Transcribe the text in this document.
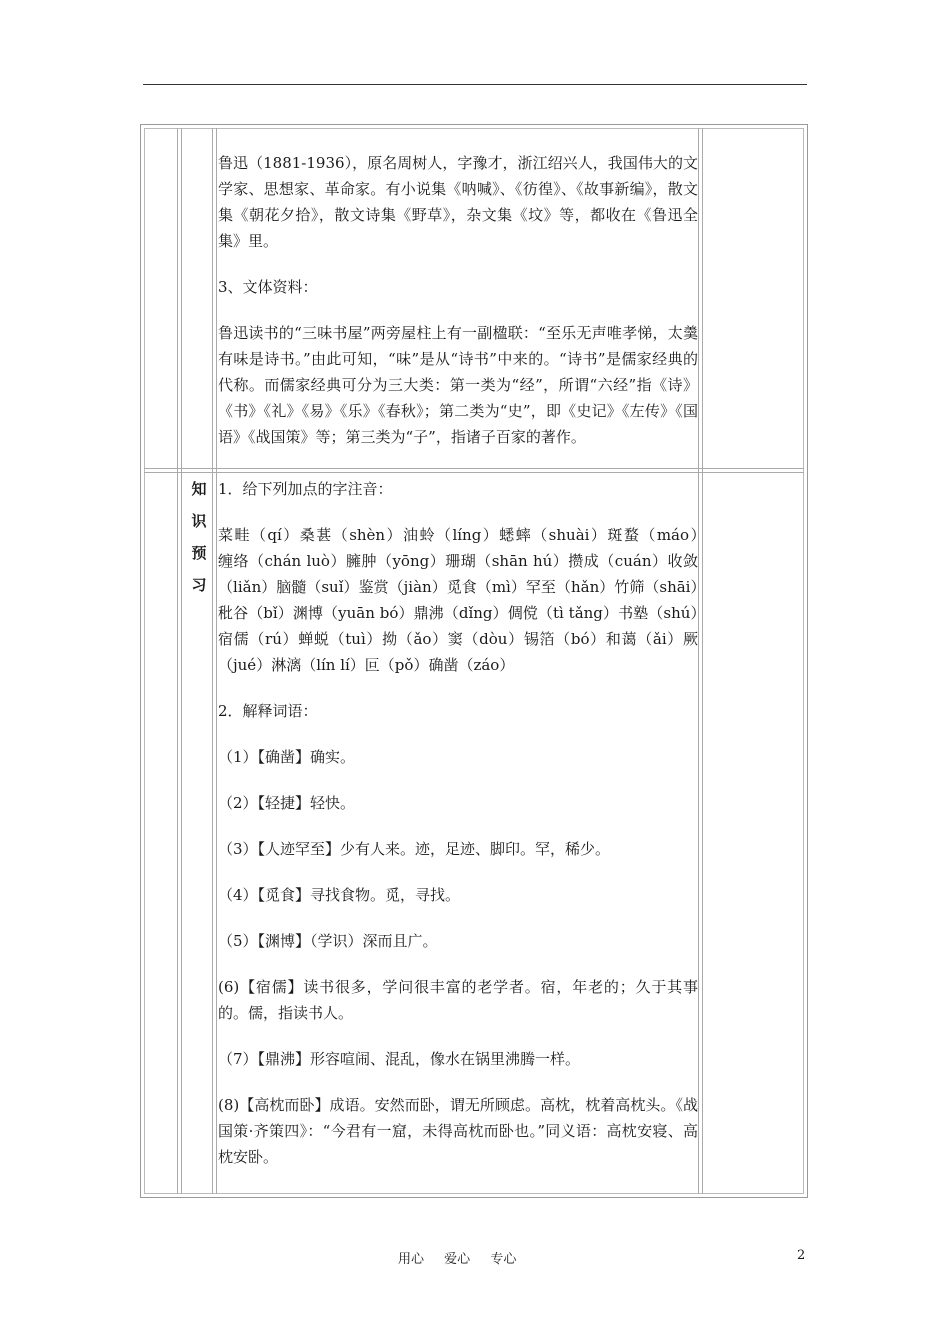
鲁迅（1881-1936），原名周树人，字豫才，浙江绍兴人，我国伟大的文学家、思想家、革命家。有小说集《呐喊》、《彷徨》、《故事新编》，散文集《朝花夕拾》，散文诗集《野草》，杂文集《坟》等，都收在《鲁迅全集》里。

3、文体资料：

鲁迅读书的“三味书屋”两旁屋柱上有一副楹联：“至乐无声唯孝悌，太羹有味是诗书。”由此可知，“味”是从“诗书”中来的。“诗书”是儒家经典的代称。而儒家经典可分为三大类：第一类为“经”，所谓“六经”指《诗》《书》《礼》《易》《乐》《春秋》；第二类为“史”，即《史记》《左传》《国语》《战国策》等；第三类为“子”，指诸子百家的著作。

知
识
预
习

1．给下列加点的字注音：

菜畦（qí）桑葚（shèn）油蛉（líng）蟋蟀（shuài）斑蝥（máo）　　　缠络（chán luò）臃肿（yōng）珊瑚（shān hú）攒成（cuán）收敛（liǎn）脑髓（suǐ）鉴赏（jiàn）觅食（mì）罕至（hǎn）竹筛（shāi）秕谷（bǐ）渊博（yuān bó）鼎沸（dǐng）倜傥（tì tǎng）书塾（shú）宿儒（rú）蝉蜕（tuì）拗（ǎo）窦（dòu）锡箔（bó）和蔼（ǎi）厥（jué）淋漓（lín lí）叵（pǒ）确凿（záo）

2．解释词语：

（1）【确凿】确实。

（2）【轻捷】轻快。

（3）【人迹罕至】少有人来。迹，足迹、脚印。罕，稀少。

（4）【觅食】寻找食物。觅，寻找。

（5）【渊博】（学识）深而且广。

(6)【宿儒】读书很多，学问很丰富的老学者。宿，年老的；久于其事的。儒，指读书人。

（7）【鼎沸】形容喧闹、混乱，像水在锅里沸腾一样。

(8)【高枕而卧】成语。安然而卧，谓无所顾虑。高枕，枕着高枕头。《战国策·齐策四》：“今君有一窟，未得高枕而卧也。”同义语：高枕安寝、高枕安卧。

用心 爱心 专心	2
